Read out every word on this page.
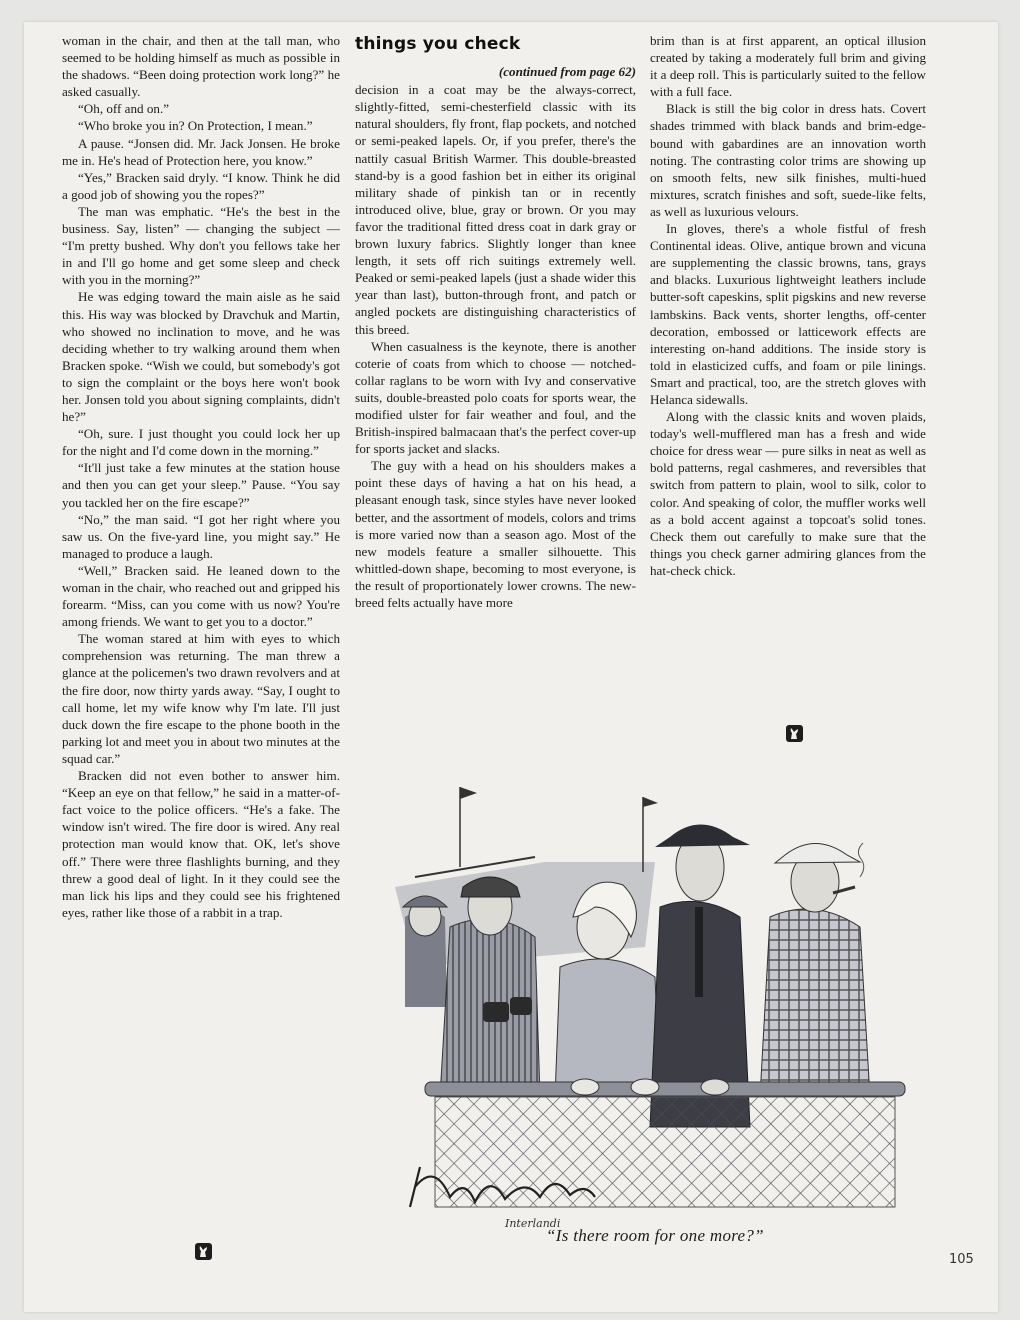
woman in the chair, and then at the tall man, who seemed to be holding himself as much as possible in the shadows. “Been doing protection work long?” he asked casually.

“Oh, off and on.”

“Who broke you in? On Protection, I mean.”

A pause. “Jonsen did. Mr. Jack Jonsen. He broke me in. He's head of Protection here, you know.”

“Yes,” Bracken said dryly. “I know. Think he did a good job of showing you the ropes?”

The man was emphatic. “He's the best in the business. Say, listen” — changing the subject — “I'm pretty bushed. Why don't you fellows take her in and I'll go home and get some sleep and check with you in the morning?”

He was edging toward the main aisle as he said this. His way was blocked by Dravchuk and Martin, who showed no inclination to move, and he was deciding whether to try walking around them when Bracken spoke. “Wish we could, but somebody's got to sign the complaint or the boys here won't book her. Jonsen told you about signing complaints, didn't he?”

“Oh, sure. I just thought you could lock her up for the night and I'd come down in the morning.”

“It'll just take a few minutes at the station house and then you can get your sleep.” Pause. “You say you tackled her on the fire escape?”

“No,” the man said. “I got her right where you saw us. On the five-yard line, you might say.” He managed to produce a laugh.

“Well,” Bracken said. He leaned down to the woman in the chair, who reached out and gripped his forearm. “Miss, can you come with us now? You're among friends. We want to get you to a doctor.”

The woman stared at him with eyes to which comprehension was returning. The man threw a glance at the policemen's two drawn revolvers and at the fire door, now thirty yards away. “Say, I ought to call home, let my wife know why I'm late. I'll just duck down the fire escape to the phone booth in the parking lot and meet you in about two minutes at the squad car.”

Bracken did not even bother to answer him. “Keep an eye on that fellow,” he said in a matter-of-fact voice to the police officers. “He's a fake. The window isn't wired. The fire door is wired. Any real protection man would know that. OK, let's shove off.” There were three flashlights burning, and they threw a good deal of light. In it they could see the man lick his lips and they could see his frightened eyes, rather like those of a rabbit in a trap.

things you check
(continued from page 62)

decision in a coat may be the always-correct, slightly-fitted, semi-chesterfield classic with its natural shoulders, fly front, flap pockets, and notched or semi-peaked lapels. Or, if you prefer, there's the nattily casual British Warmer. This double-breasted stand-by is a good fashion bet in either its original military shade of pinkish tan or in recently introduced olive, blue, gray or brown. Or you may favor the traditional fitted dress coat in dark gray or brown luxury fabrics. Slightly longer than knee length, it sets off rich suitings extremely well. Peaked or semi-peaked lapels (just a shade wider this year than last), button-through front, and patch or angled pockets are distinguishing characteristics of this breed.

When casualness is the keynote, there is another coterie of coats from which to choose — notched-collar raglans to be worn with Ivy and conservative suits, double-breasted polo coats for sports wear, the modified ulster for fair weather and foul, and the British-inspired balmacaan that's the perfect cover-up for sports jacket and slacks.

The guy with a head on his shoulders makes a point these days of having a hat on his head, a pleasant enough task, since styles have never looked better, and the assortment of models, colors and trims is more varied now than a season ago. Most of the new models feature a smaller silhouette. This whittled-down shape, becoming to most everyone, is the result of proportionately lower crowns. The new-breed felts actually have more

brim than is at first apparent, an optical illusion created by taking a moderately full brim and giving it a deep roll. This is particularly suited to the fellow with a full face.

Black is still the big color in dress hats. Covert shades trimmed with black bands and brim-edge-bound with gabardines are an innovation worth noting. The contrasting color trims are showing up on smooth felts, new silk finishes, multi-hued mixtures, scratch finishes and soft, suede-like felts, as well as luxurious velours.

In gloves, there's a whole fistful of fresh Continental ideas. Olive, antique brown and vicuna are supplementing the classic browns, tans, grays and blacks. Luxurious lightweight leathers include butter-soft capeskins, split pigskins and new reverse lambskins. Back vents, shorter lengths, off-center decoration, embossed or latticework effects are interesting on-hand additions. The inside story is told in elasticized cuffs, and foam or pile linings. Smart and practical, too, are the stretch gloves with Helanca sidewalls.

Along with the classic knits and woven plaids, today's well-mufflered man has a fresh and wide choice for dress wear — pure silks in neat as well as bold patterns, regal cashmeres, and reversibles that switch from pattern to plain, wool to silk, color to color. And speaking of color, the muffler works well as a bold accent against a topcoat's solid tones. Check them out carefully to make sure that the things you check garner admiring glances from the hat-check chick.

Interlandi
“Is there room for one more?”
105
